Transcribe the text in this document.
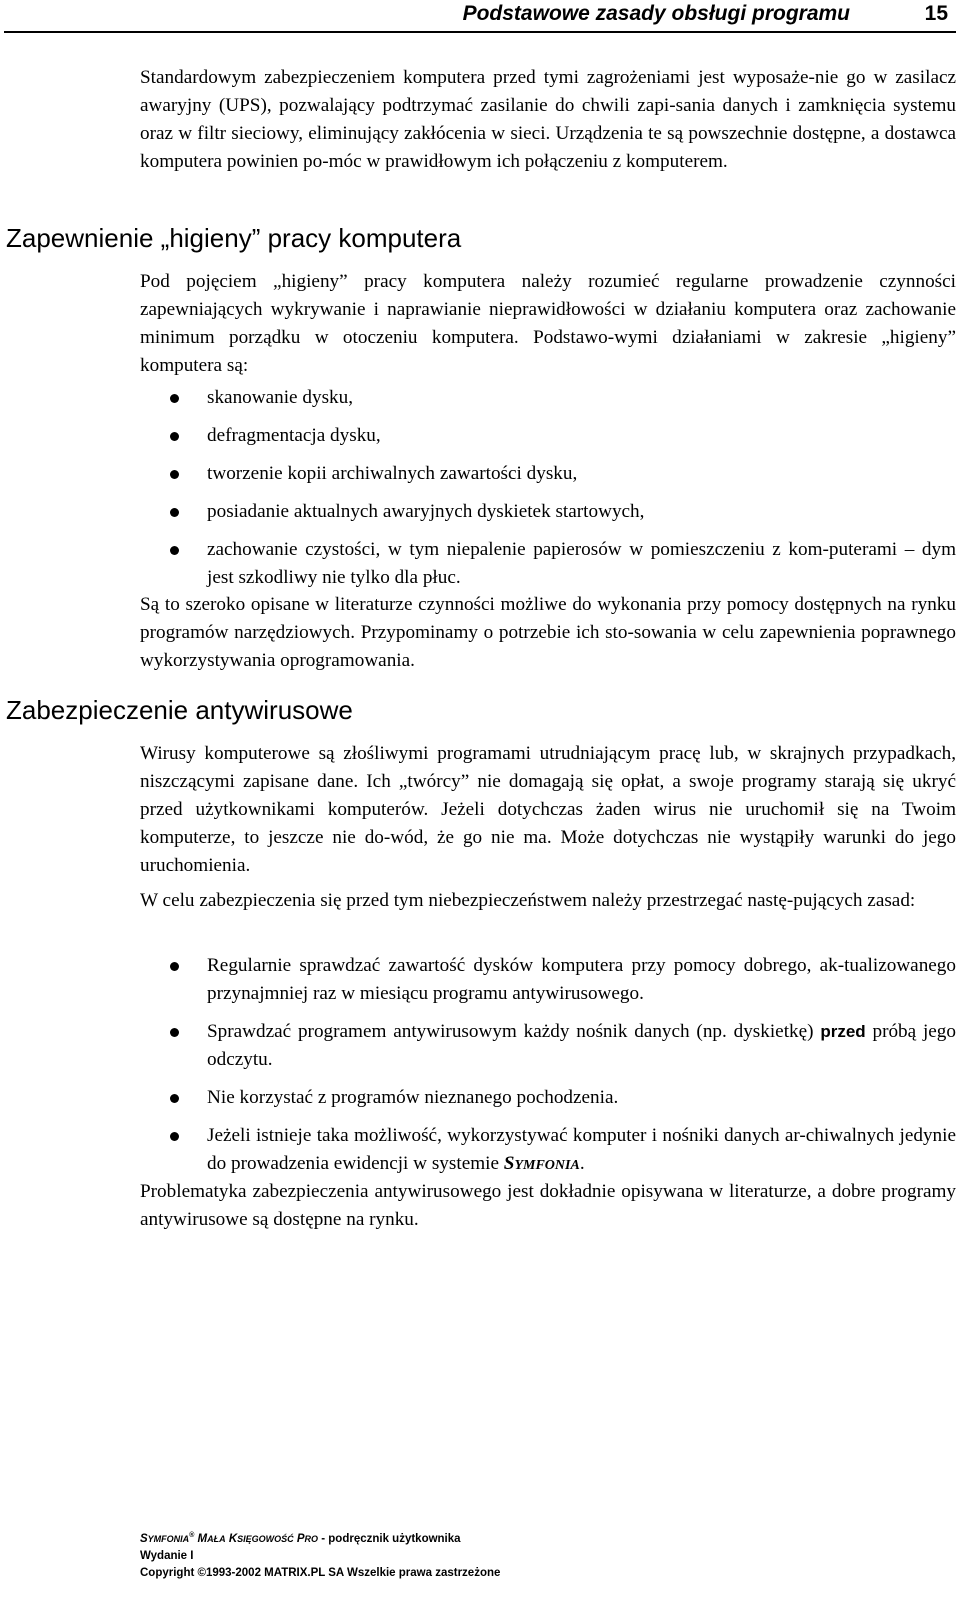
Podstawowe zasady obsługi programu	15

Standardowym zabezpieczeniem komputera przed tymi zagrożeniami jest wyposaże-nie go w zasilacz awaryjny (UPS), pozwalający podtrzymać zasilanie do chwili zapi-sania danych i zamknięcia systemu oraz w filtr sieciowy, eliminujący zakłócenia w sieci. Urządzenia te są powszechnie dostępne, a dostawca komputera powinien po-móc w prawidłowym ich połączeniu z komputerem.

Zapewnienie „higieny” pracy komputera

Pod pojęciem „higieny” pracy komputera należy rozumieć regularne prowadzenie czynności zapewniających wykrywanie i naprawianie nieprawidłowości w działaniu komputera oraz zachowanie minimum porządku w otoczeniu komputera. Podstawo-wymi działaniami w zakresie „higieny” komputera są:

skanowanie dysku,
defragmentacja dysku,
tworzenie kopii archiwalnych zawartości dysku,
posiadanie aktualnych awaryjnych dyskietek startowych,
zachowanie czystości, w tym niepalenie papierosów w pomieszczeniu z kom-puterami – dym jest szkodliwy nie tylko dla płuc.

Są to szeroko opisane w literaturze czynności możliwe do wykonania przy pomocy dostępnych na rynku programów narzędziowych. Przypominamy o potrzebie ich sto-sowania w celu zapewnienia poprawnego wykorzystywania oprogramowania.

Zabezpieczenie antywirusowe

Wirusy komputerowe są złośliwymi programami utrudniającym pracę lub, w skrajnych przypadkach, niszczącymi zapisane dane. Ich „twórcy” nie domagają się opłat, a swoje programy starają się ukryć przed użytkownikami komputerów. Jeżeli dotychczas żaden wirus nie uruchomił się na Twoim komputerze, to jeszcze nie do-wód, że go nie ma. Może dotychczas nie wystąpiły warunki do jego uruchomienia.

W celu zabezpieczenia się przed tym niebezpieczeństwem należy przestrzegać nastę-pujących zasad:

Regularnie sprawdzać zawartość dysków komputera przy pomocy dobrego, ak-tualizowanego przynajmniej raz w miesiącu programu antywirusowego.
Sprawdzać programem antywirusowym każdy nośnik danych (np. dyskietkę) przed próbą jego odczytu.
Nie korzystać z programów nieznanego pochodzenia.
Jeżeli istnieje taka możliwość, wykorzystywać komputer i nośniki danych ar-chiwalnych jedynie do prowadzenia ewidencji w systemie SYMFONIA.

Problematyka zabezpieczenia antywirusowego jest dokładnie opisywana w literaturze, a dobre programy antywirusowe są dostępne na rynku.

SYMFONIA® MAŁA KSIĘGOWOŚĆ PRO - podręcznik użytkownika
Wydanie I
Copyright ©1993-2002 MATRIX.PL SA Wszelkie prawa zastrzeżone
